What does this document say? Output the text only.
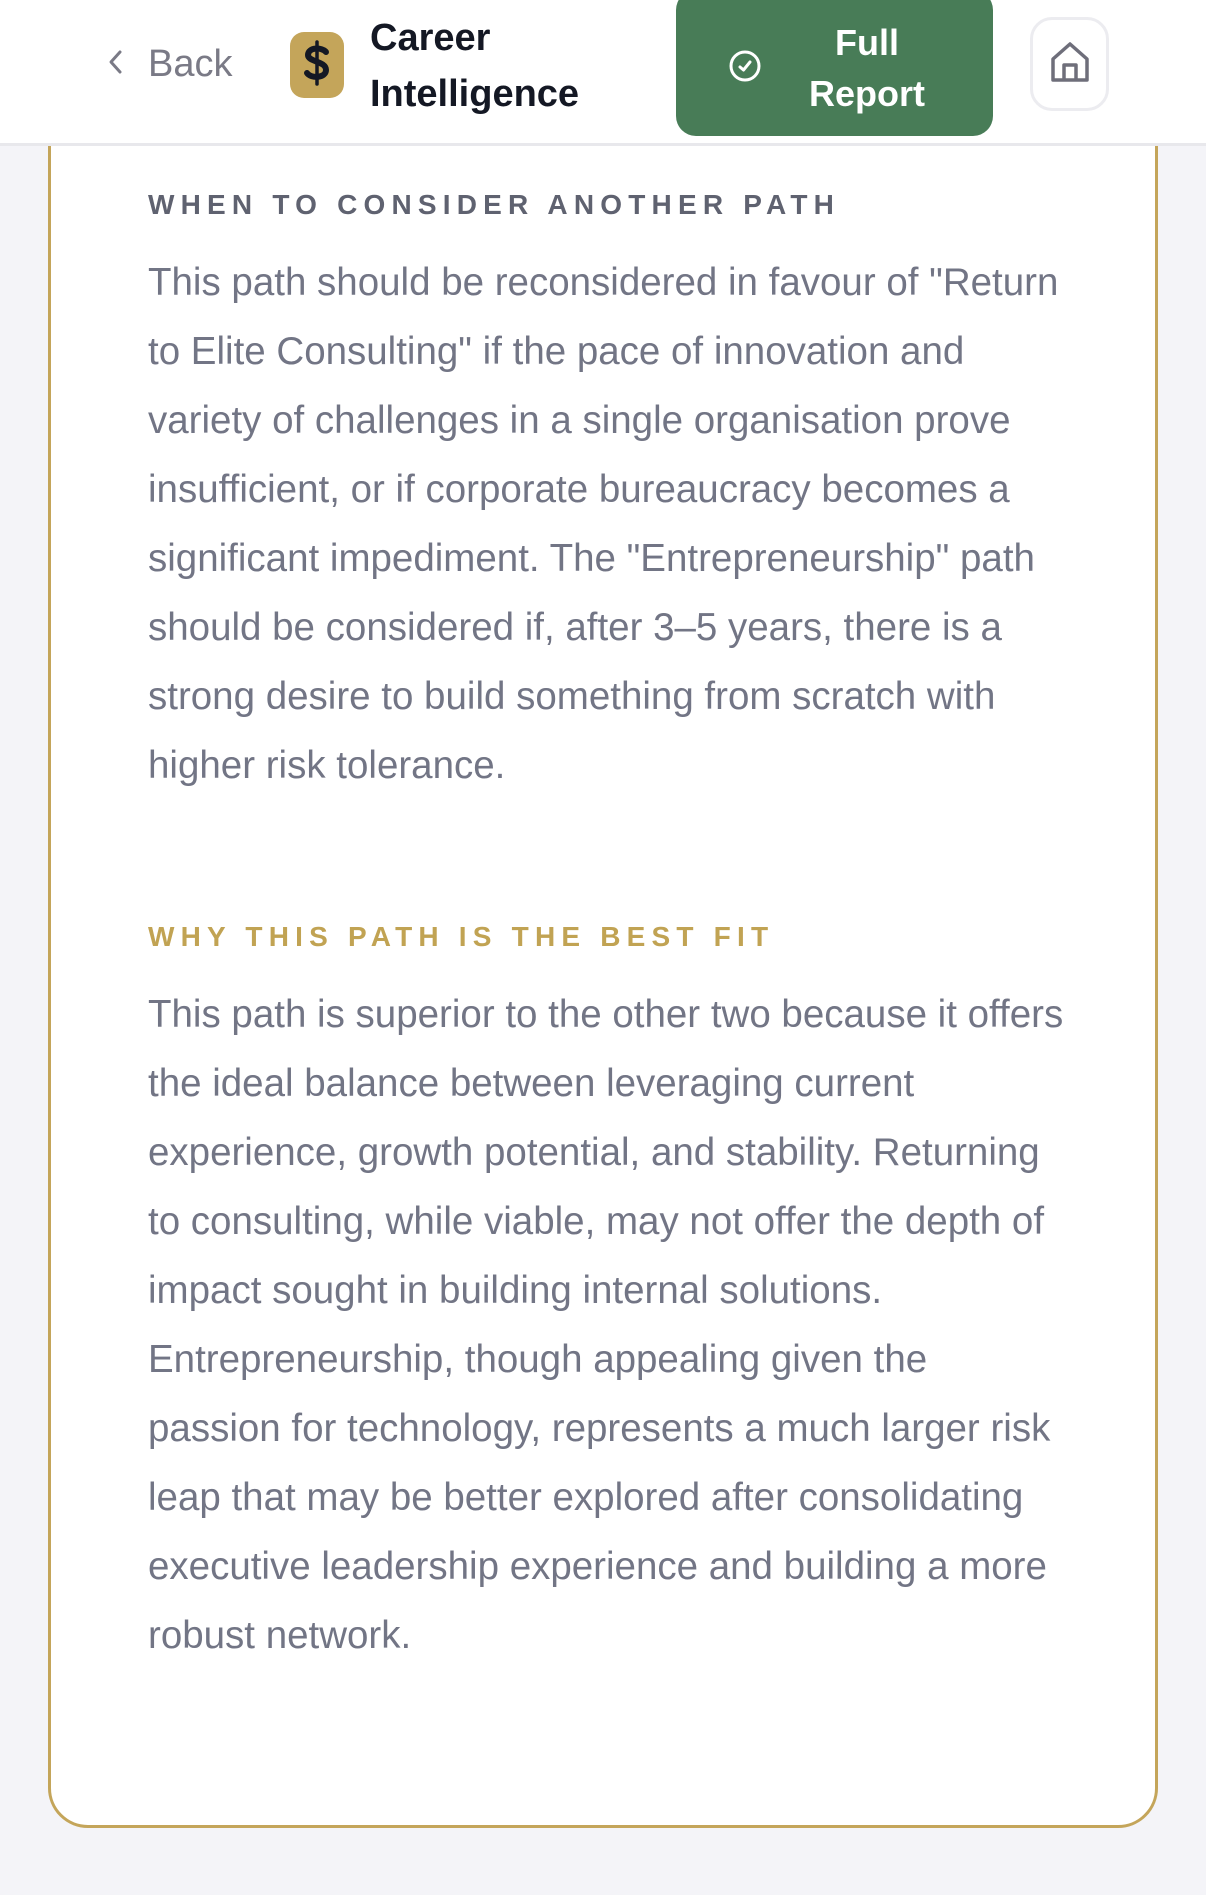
Back
Career Intelligence
Full Report
WHEN TO CONSIDER ANOTHER PATH
This path should be reconsidered in favour of "Return to Elite Consulting" if the pace of innovation and variety of challenges in a single organisation prove insufficient, or if corporate bureaucracy becomes a significant impediment. The "Entrepreneurship" path should be considered if, after 3–5 years, there is a strong desire to build something from scratch with higher risk tolerance.
WHY THIS PATH IS THE BEST FIT
This path is superior to the other two because it offers the ideal balance between leveraging current experience, growth potential, and stability. Returning to consulting, while viable, may not offer the depth of impact sought in building internal solutions. Entrepreneurship, though appealing given the passion for technology, represents a much larger risk leap that may be better explored after consolidating executive leadership experience and building a more robust network.
